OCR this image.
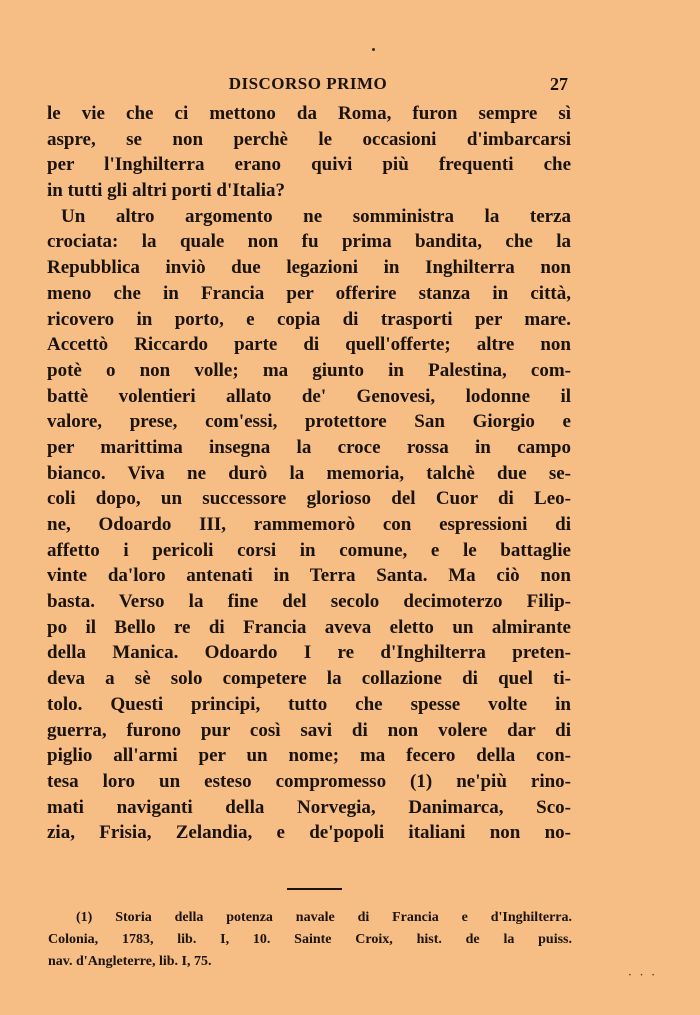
DISCORSO PRIMO	27
le vie che ci mettono da Roma, furon sempre sì
aspre, se non perchè le occasioni d'imbarcarsi
per l'Inghilterra erano quivi più frequenti che
in tutti gli altri porti d'Italia?
Un altro argomento ne somministra la terza
crociata: la quale non fu prima bandita, che la
Repubblica inviò due legazioni in Inghilterra non
meno che in Francia per offerire stanza in città,
ricovero in porto, e copia di trasporti per mare.
Accettò Riccardo parte di quell'offerte; altre non
potè o non volle; ma giunto in Palestina, com-
battè volentieri allato de' Genovesi, lodonne il
valore, prese, com'essi, protettore San Giorgio e
per marittima insegna la croce rossa in campo
bianco. Viva ne durò la memoria, talchè due se-
coli dopo, un successore glorioso del Cuor di Leo-
ne, Odoardo III, rammemorò con espressioni di
affetto i pericoli corsi in comune, e le battaglie
vinte da'loro antenati in Terra Santa. Ma ciò non
basta. Verso la fine del secolo decimoterzo Filip-
po il Bello re di Francia aveva eletto un almirante
della Manica. Odoardo I re d'Inghilterra preten-
deva a sè solo competere la collazione di quel ti-
tolo. Questi principi, tutto che spesse volte in
guerra, furono pur così savi di non volere dar di
piglio all'armi per un nome; ma fecero della con-
tesa loro un esteso compromesso (1) ne'più rino-
mati naviganti della Norvegia, Danimarca, Sco-
zia, Frisia, Zelandia, e de'popoli italiani non no-
(1) Storia della potenza navale di Francia e d'Inghilterra.
Colonia, 1783, lib. I, 10. Sainte Croix, hist. de la puiss.
nav. d'Angleterre, lib. I, 75.
· · ·
